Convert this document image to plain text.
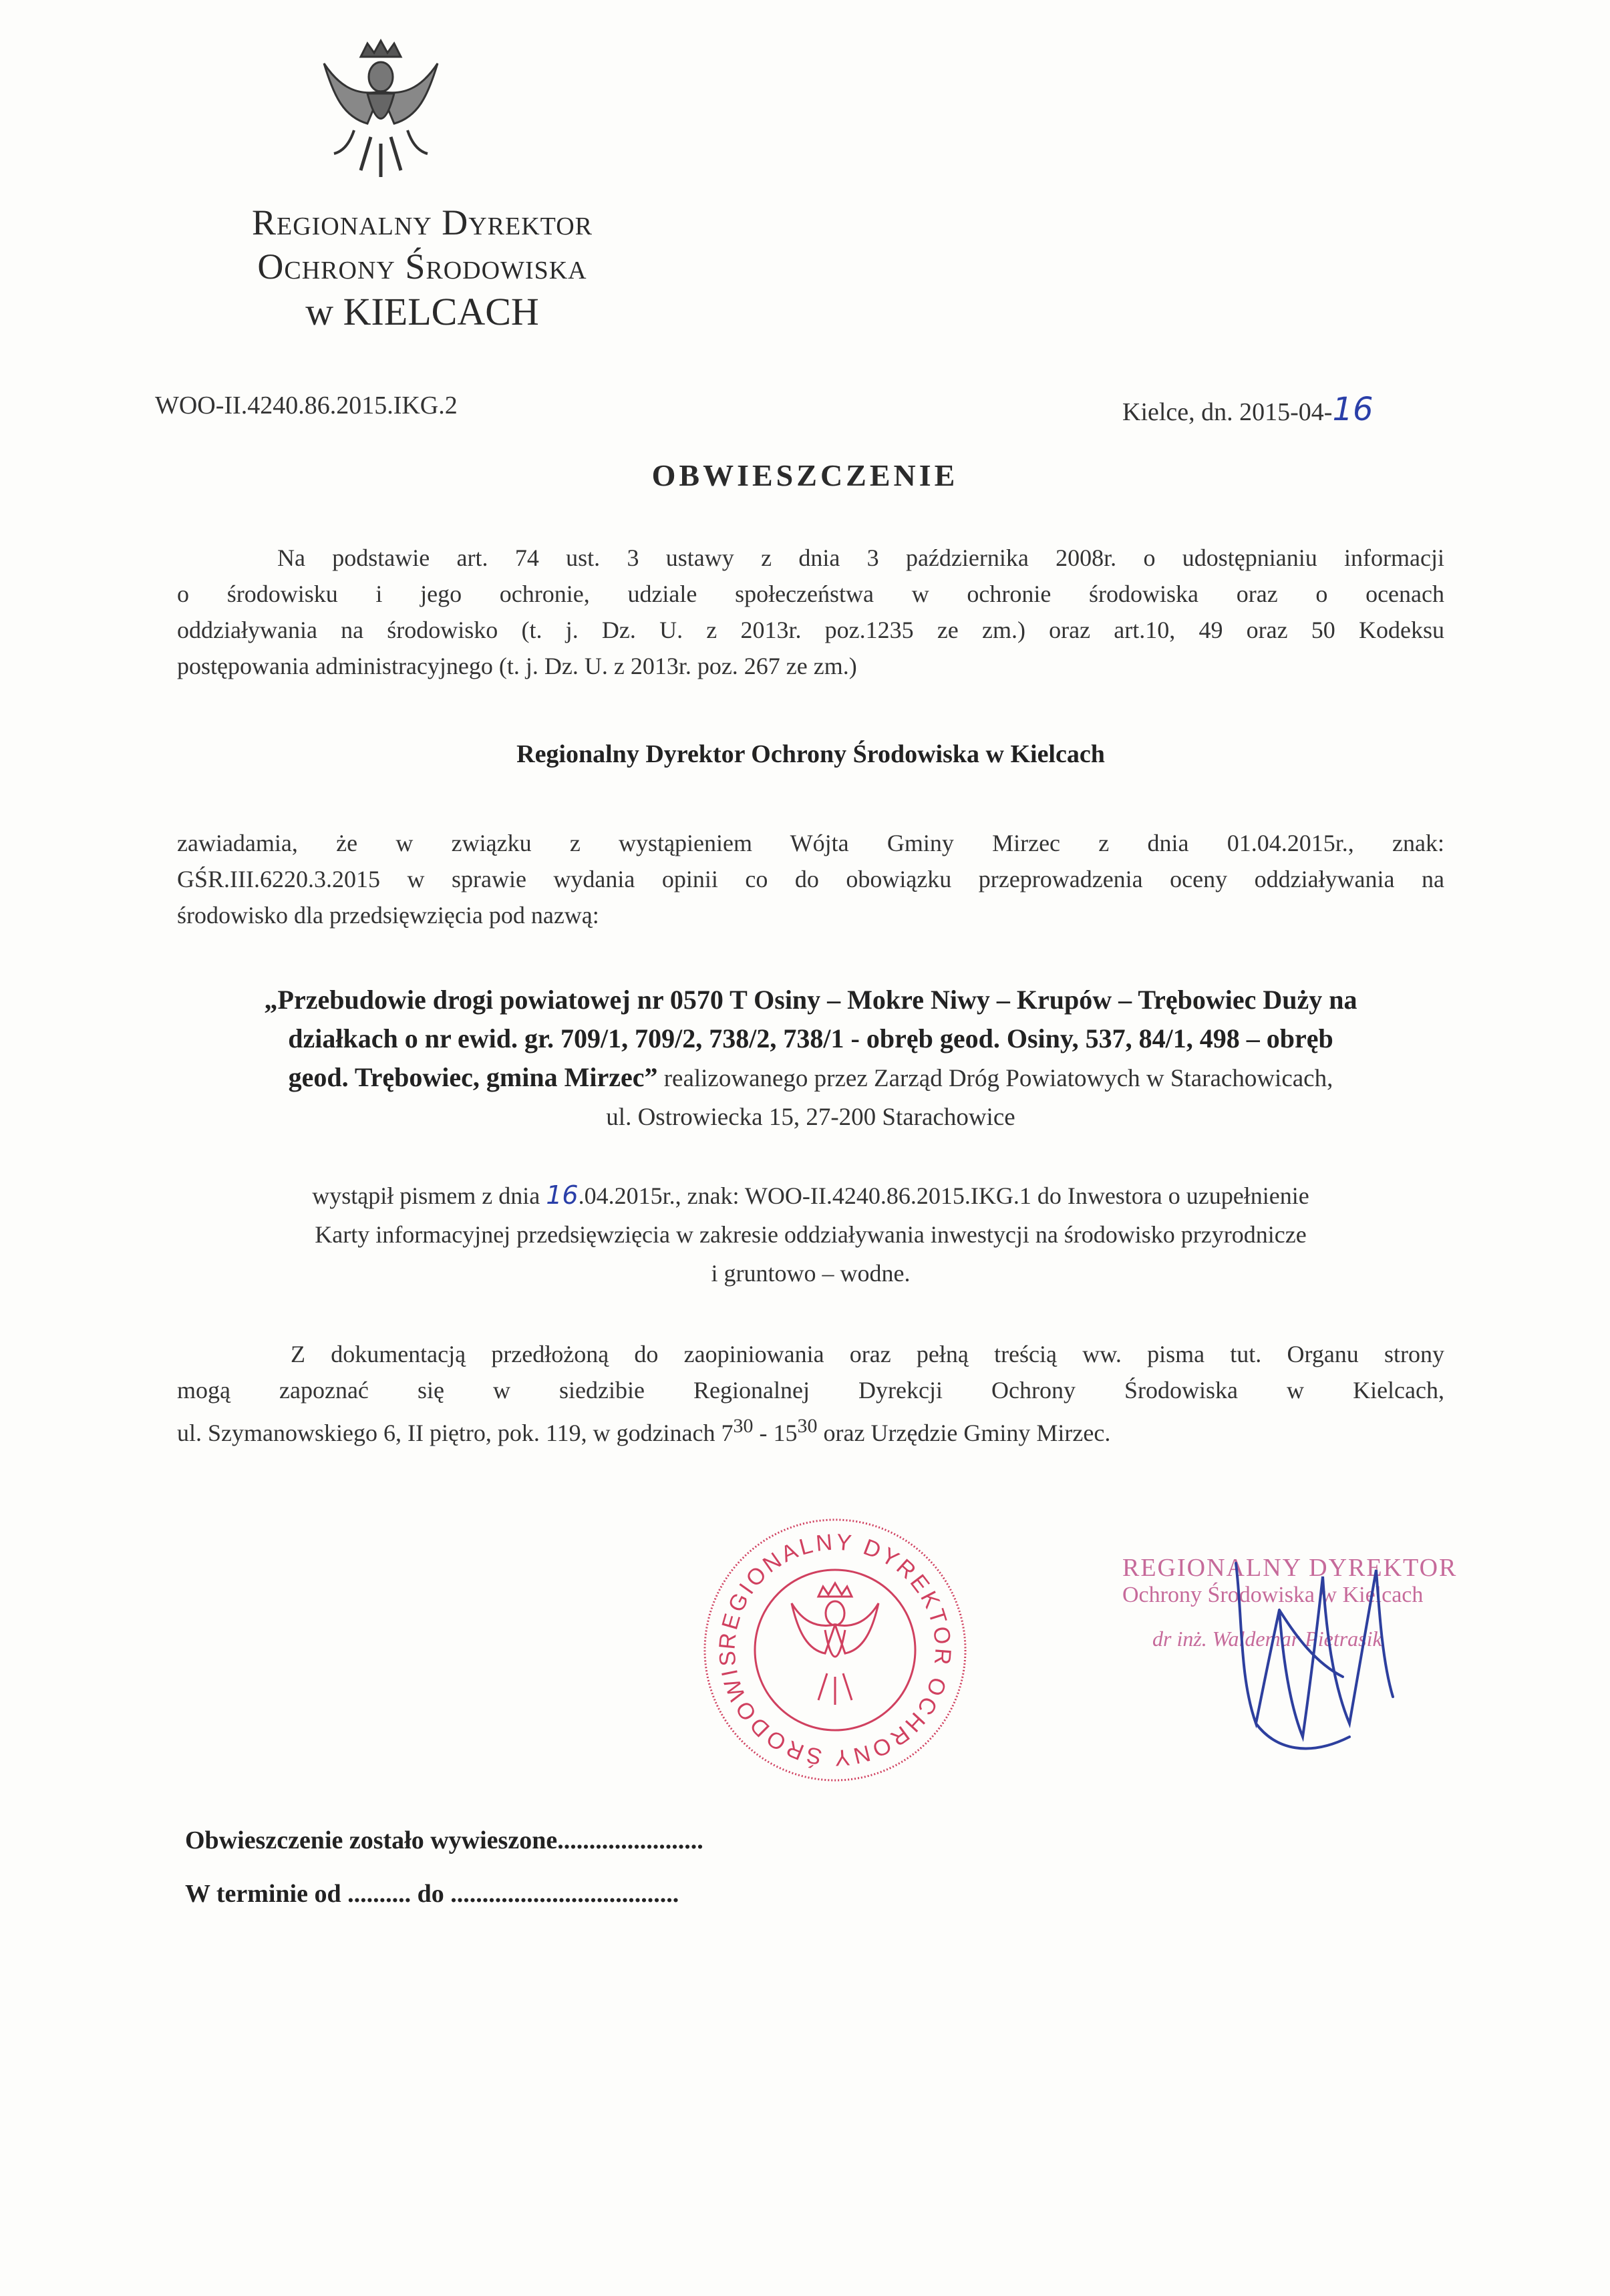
Regionalny Dyrektor
Ochrony Środowiska
w KIELCACH
WOO-II.4240.86.2015.IKG.2	Kielce, dn. 2015-04-16
OBWIESZCZENIE
Na podstawie art. 74 ust. 3 ustawy z dnia 3 października 2008r. o udostępnianiu informacji
o środowisku i jego ochronie, udziale społeczeństwa w ochronie środowiska oraz o ocenach
oddziaływania na środowisko (t. j. Dz. U. z 2013r. poz.1235 ze zm.) oraz art.10, 49 oraz 50 Kodeksu
postępowania administracyjnego (t. j. Dz. U. z 2013r. poz. 267 ze zm.)
Regionalny Dyrektor Ochrony Środowiska w Kielcach
zawiadamia, że w związku z wystąpieniem Wójta Gminy Mirzec z dnia 01.04.2015r., znak:
GŚR.III.6220.3.2015 w sprawie wydania opinii co do obowiązku przeprowadzenia oceny oddziaływania na
środowisko dla przedsięwzięcia pod nazwą:
„Przebudowie drogi powiatowej nr 0570 T Osiny – Mokre Niwy – Krupów – Trębowiec Duży na
działkach o nr ewid. gr. 709/1, 709/2, 738/2, 738/1 - obręb geod. Osiny, 537, 84/1, 498 – obręb
geod. Trębowiec, gmina Mirzec” realizowanego przez Zarząd Dróg Powiatowych w Starachowicach,
ul. Ostrowiecka 15, 27-200 Starachowice
wystąpił pismem z dnia 16.04.2015r., znak: WOO-II.4240.86.2015.IKG.1 do Inwestora o uzupełnienie
Karty informacyjnej przedsięwzięcia w zakresie oddziaływania inwestycji na środowisko przyrodnicze
i gruntowo – wodne.
Z dokumentacją przedłożoną do zaopiniowania oraz pełną treścią ww. pisma tut. Organu strony
mogą zapoznać się w siedzibie Regionalnej Dyrekcji Ochrony Środowiska w Kielcach,
ul. Szymanowskiego 6, II piętro, pok. 119, w godzinach $7^{30} - 15^{30}$ oraz Urzędzie Gminy Mirzec.
REGIONALNY DYREKTOR OCHRONY ŚRODOWIS
REGIONALNY DYREKTOR
Ochrony Środowiska w Kielcach
dr inż. Waldemar Pietrasik
Obwieszczenie zostało wywieszone.......................
W terminie od .......... do ....................................
